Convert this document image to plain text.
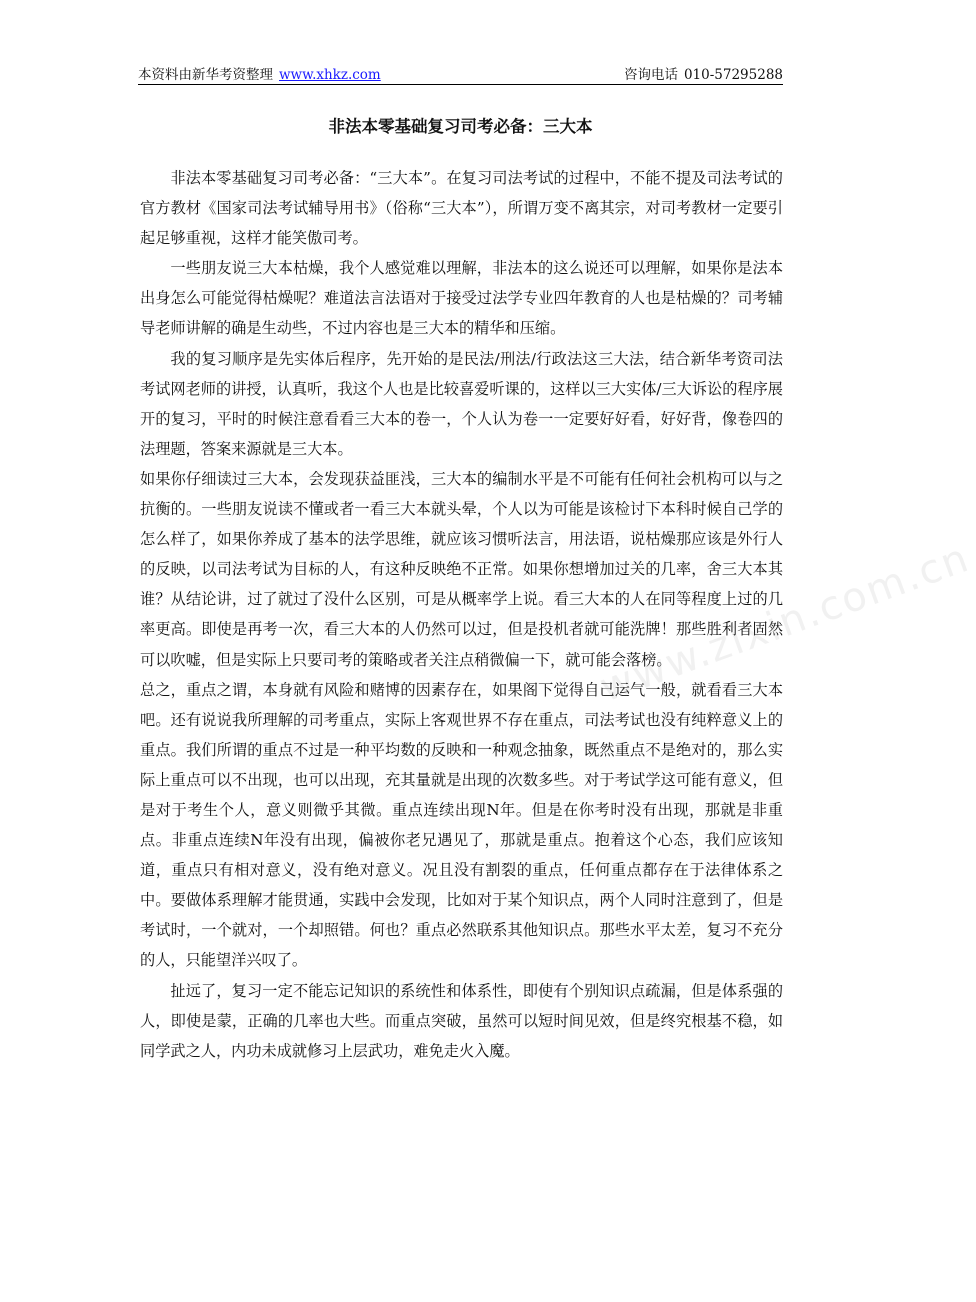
本资料由新华考资整理 www.xhkz.com	咨询电话 010-57295288
非法本零基础复习司考必备：三大本

非法本零基础复习司考必备：“三大本”。在复习司法考试的过程中，不能不提及司法考试的官方教材《国家司法考试辅导用书》（俗称“三大本”），所谓万变不离其宗，对司考教材一定要引起足够重视，这样才能笑傲司考。

一些朋友说三大本枯燥，我个人感觉难以理解，非法本的这么说还可以理解，如果你是法本出身怎么可能觉得枯燥呢？难道法言法语对于接受过法学专业四年教育的人也是枯燥的？司考辅导老师讲解的确是生动些，不过内容也是三大本的精华和压缩。

我的复习顺序是先实体后程序，先开始的是民法/刑法/行政法这三大法，结合新华考资司法考试网老师的讲授，认真听，我这个人也是比较喜爱听课的，这样以三大实体/三大诉讼的程序展开的复习，平时的时候注意看看三大本的卷一，个人认为卷一一定要好好看，好好背，像卷四的法理题，答案来源就是三大本。

如果你仔细读过三大本，会发现获益匪浅，三大本的编制水平是不可能有任何社会机构可以与之抗衡的。一些朋友说读不懂或者一看三大本就头晕，个人以为可能是该检讨下本科时候自己学的怎么样了，如果你养成了基本的法学思维，就应该习惯听法言，用法语，说枯燥那应该是外行人的反映，以司法考试为目标的人，有这种反映绝不正常。如果你想增加过关的几率，舍三大本其谁？从结论讲，过了就过了没什么区别，可是从概率学上说。看三大本的人在同等程度上过的几率更高。即使是再考一次，看三大本的人仍然可以过，但是投机者就可能洗牌！那些胜利者固然可以吹嘘，但是实际上只要司考的策略或者关注点稍微偏一下，就可能会落榜。

总之，重点之谓，本身就有风险和赌博的因素存在，如果阁下觉得自己运气一般，就看看三大本吧。还有说说我所理解的司考重点，实际上客观世界不存在重点，司法考试也没有纯粹意义上的重点。我们所谓的重点不过是一种平均数的反映和一种观念抽象，既然重点不是绝对的，那么实际上重点可以不出现，也可以出现，充其量就是出现的次数多些。对于考试学这可能有意义，但是对于考生个人，意义则微乎其微。重点连续出现N年。但是在你考时没有出现，那就是非重点。非重点连续N年没有出现，偏被你老兄遇见了，那就是重点。抱着这个心态，我们应该知道，重点只有相对意义，没有绝对意义。况且没有割裂的重点，任何重点都存在于法律体系之中。要做体系理解才能贯通，实践中会发现，比如对于某个知识点，两个人同时注意到了，但是考试时，一个就对，一个却照错。何也？重点必然联系其他知识点。那些水平太差，复习不充分的人，只能望洋兴叹了。

扯远了，复习一定不能忘记知识的系统性和体系性，即使有个别知识点疏漏，但是体系强的人，即使是蒙，正确的几率也大些。而重点突破，虽然可以短时间见效，但是终究根基不稳，如同学武之人，内功未成就修习上层武功，难免走火入魔。

www.zixin.com.cn
